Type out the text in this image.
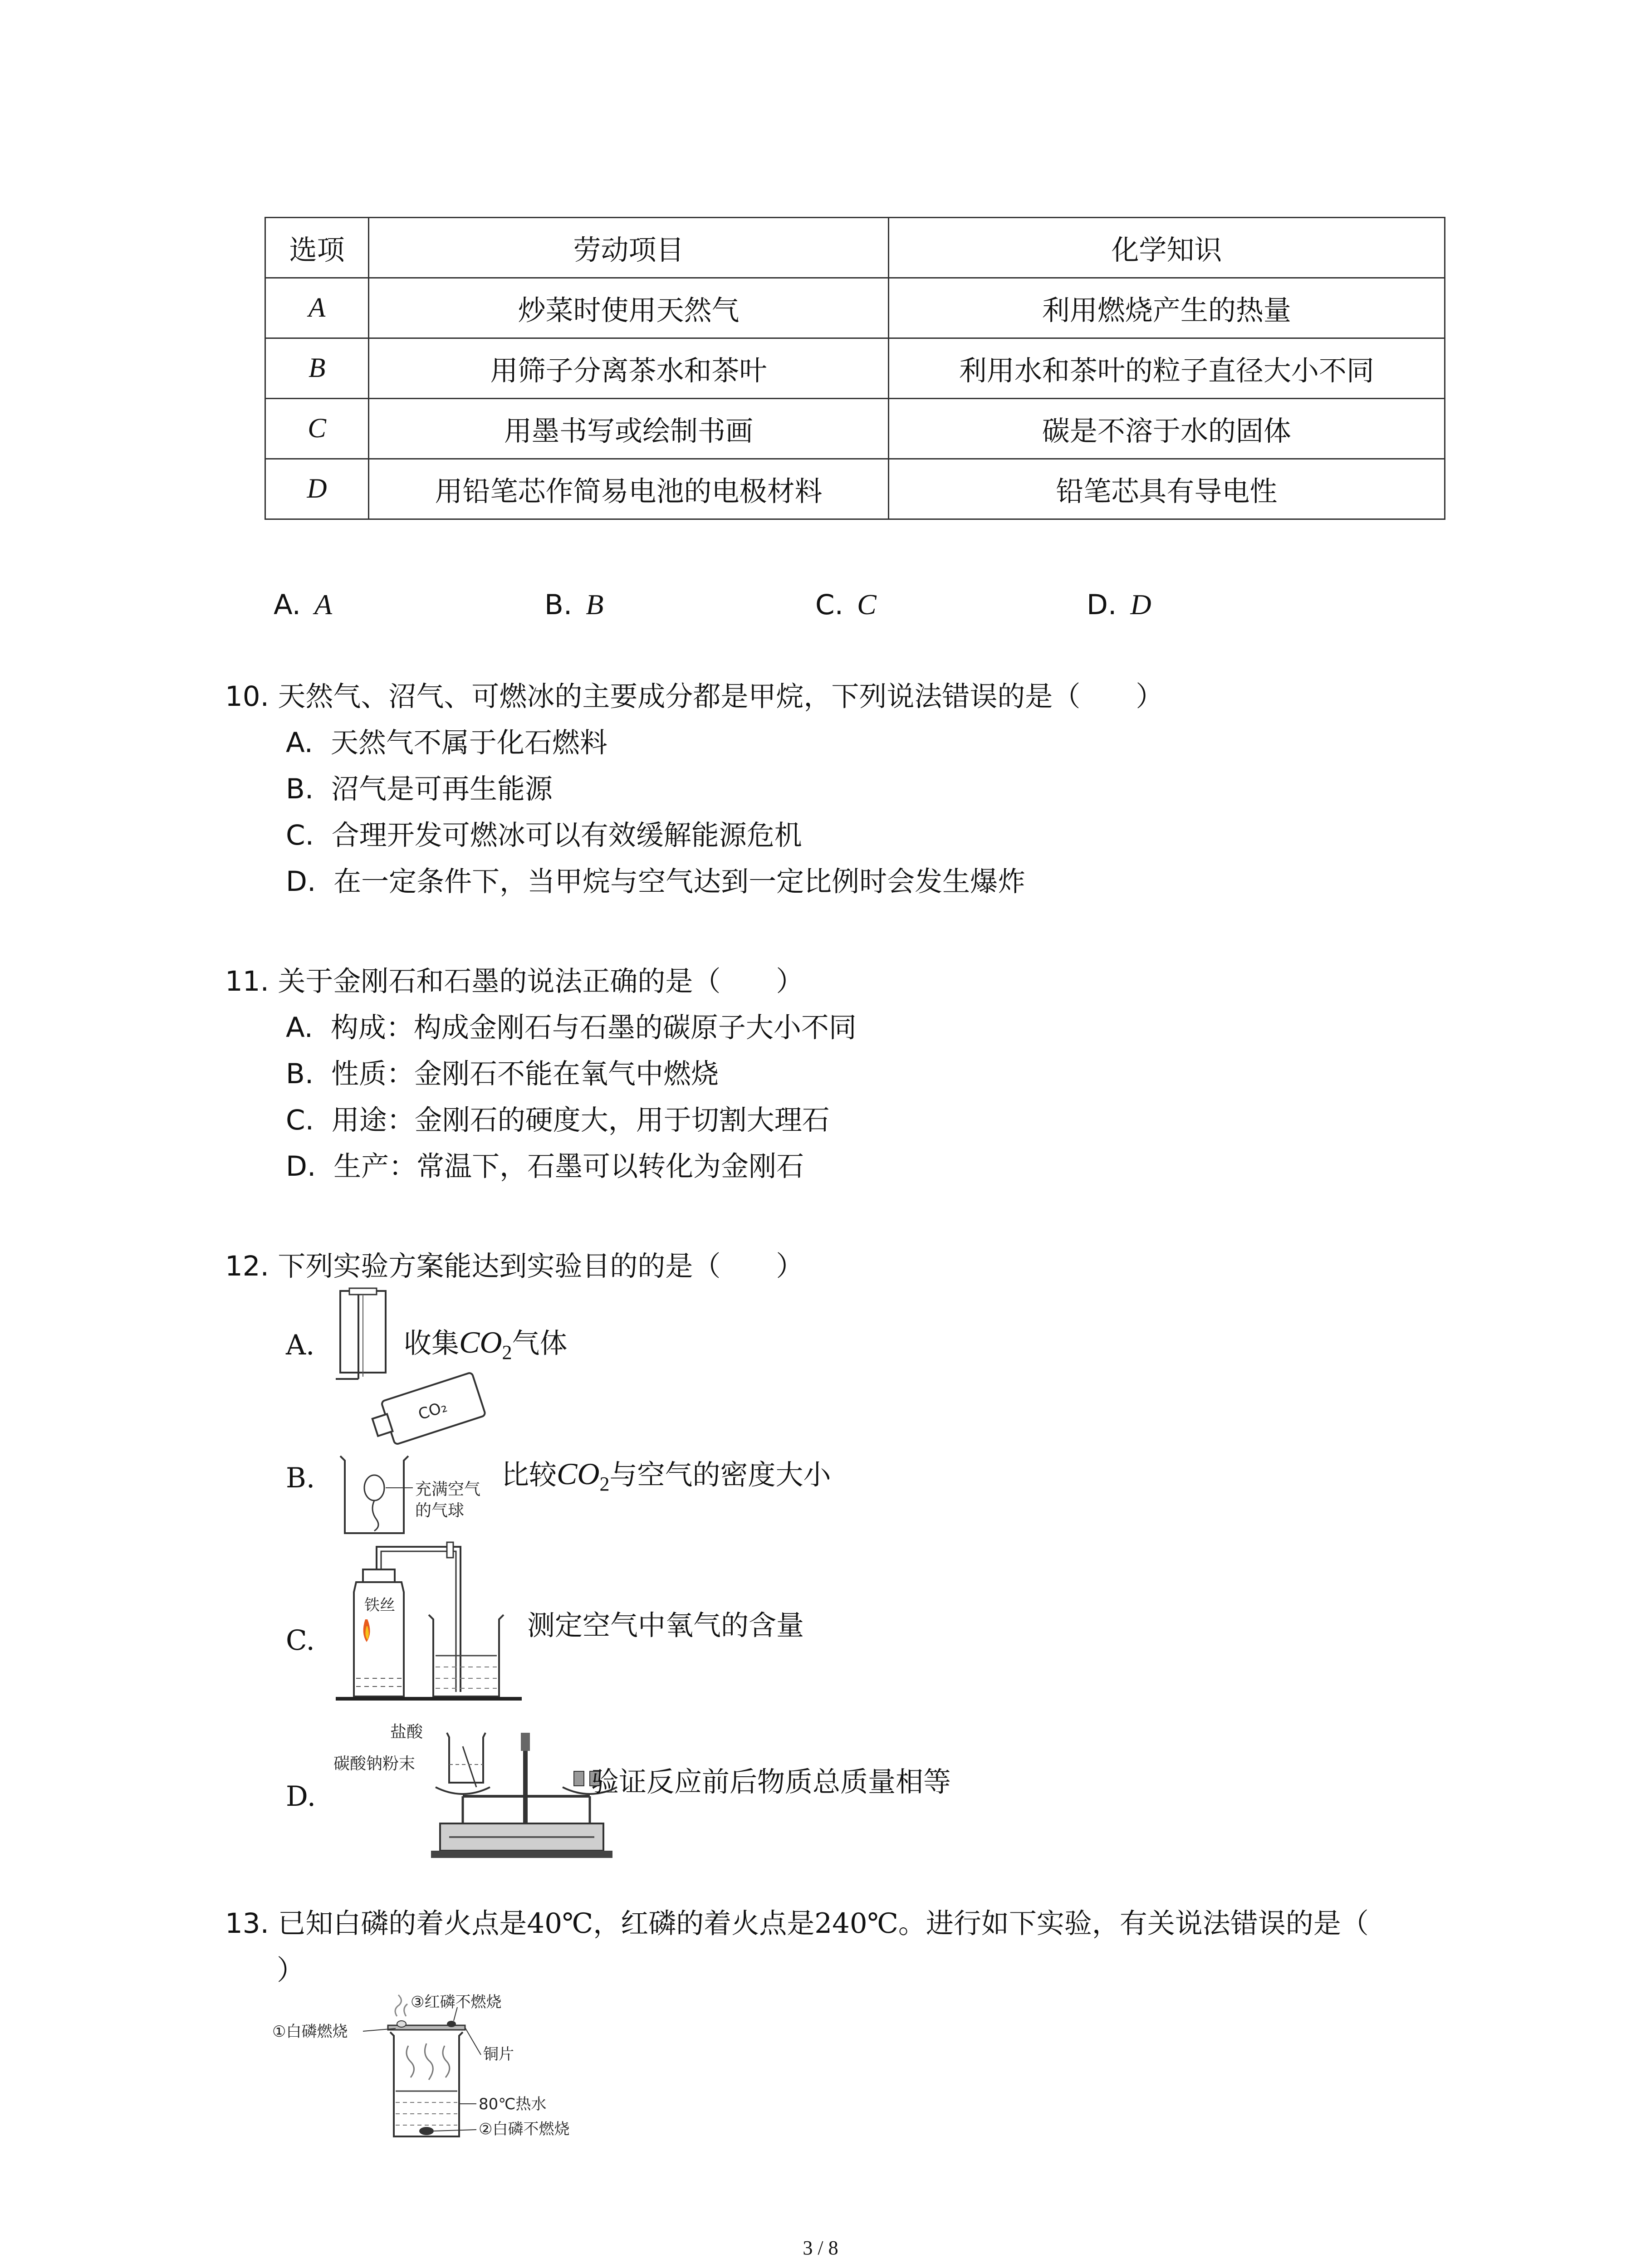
选项	劳动项目	化学知识
A	炒菜时使用天然气	利用燃烧产生的热量
B	用筛子分离茶水和茶叶	利用水和茶叶的粒子直径大小不同
C	用墨书写或绘制书画	碳是不溶于水的固体
D	用铅笔芯作简易电池的电极材料	铅笔芯具有导电性
A. A	B. B	C. C	D. D
10. 天然气、沼气、可燃冰的主要成分都是甲烷，下列说法错误的是（　　）
A. 天然气不属于化石燃料
B. 沼气是可再生能源
C. 合理开发可燃冰可以有效缓解能源危机
D. 在一定条件下，当甲烷与空气达到一定比例时会发生爆炸
11. 关于金刚石和石墨的说法正确的是（　　）
A. 构成：构成金刚石与石墨的碳原子大小不同
B. 性质：金刚石不能在氧气中燃烧
C. 用途：金刚石的硬度大，用于切割大理石
D. 生产：常温下，石墨可以转化为金刚石
12. 下列实验方案能达到实验目的的是（　　）
A.	收集$CO_2$气体
B.
CO₂
充满空气
的气球
比较$CO_2$与空气的密度大小
C.
铁丝
测定空气中氧气的含量
D.
盐酸
碳酸钠粉末
验证反应前后物质总质量相等
13. 已知白磷的着火点是40℃，红磷的着火点是240℃。进行如下实验，有关说法错误的是（
）
③红磷不燃烧
①白磷燃烧
铜片
80℃热水
②白磷不燃烧
3 / 8
